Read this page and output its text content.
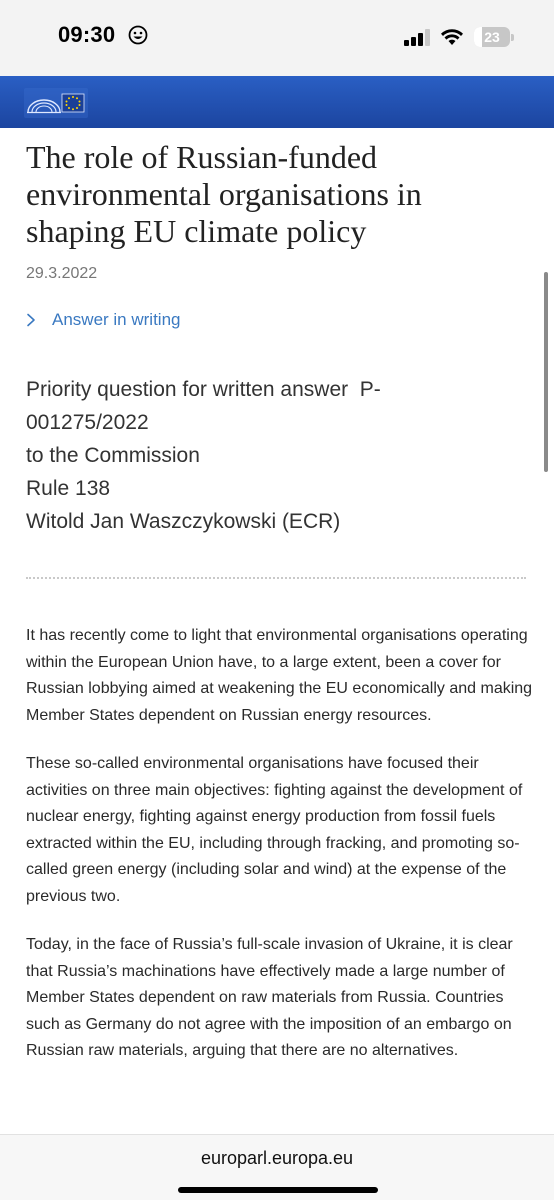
09:30	23
The role of Russian-funded environmental organisations in shaping EU climate policy
29.3.2022
Answer in writing
Priority question for written answer  P-
001275/2022
to the Commission
Rule 138
Witold Jan Waszczykowski (ECR)

It has recently come to light that environmental organisations operating within the European Union have, to a large extent, been a cover for Russian lobbying aimed at weakening the EU economically and making Member States dependent on Russian energy resources.

These so-called environmental organisations have focused their activities on three main objectives: fighting against the development of nuclear energy, fighting against energy production from fossil fuels extracted within the EU, including through fracking, and promoting so-called green energy (including solar and wind) at the expense of the previous two.

Today, in the face of Russia’s full-scale invasion of Ukraine, it is clear that Russia’s machinations have effectively made a large number of Member States dependent on raw materials from Russia. Countries such as Germany do not agree with the imposition of an embargo on Russian raw materials, arguing that there are no alternatives.

europarl.europa.eu
